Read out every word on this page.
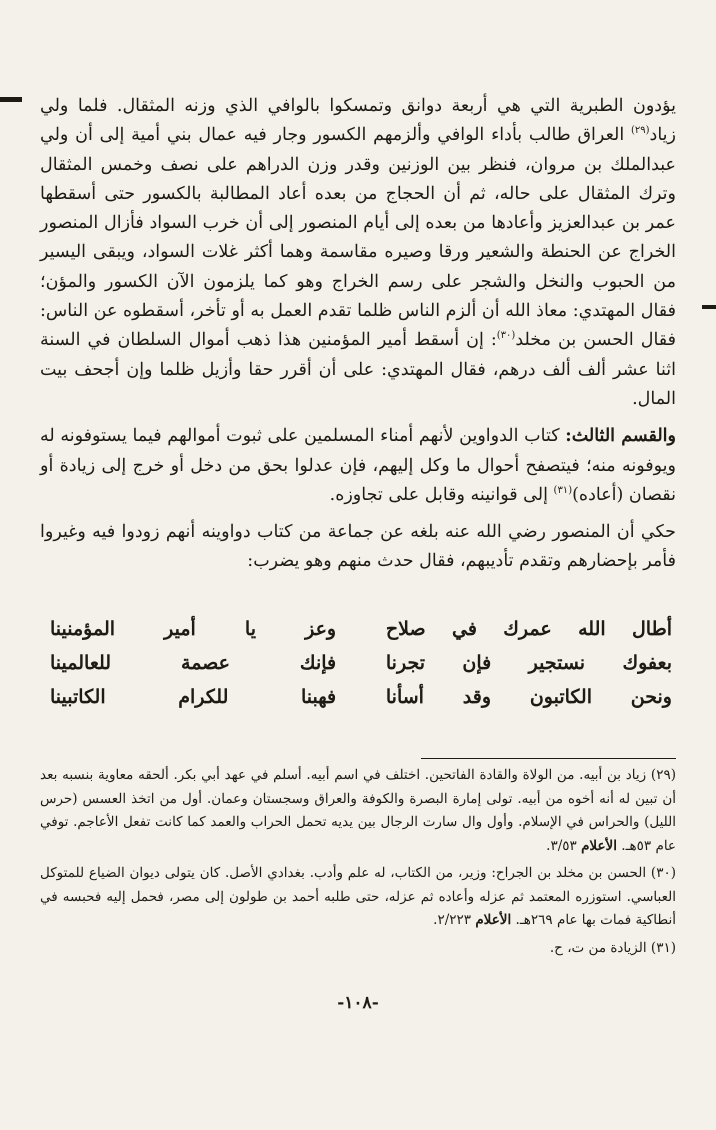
يؤدون الطبرية التي هي أربعة دوانق وتمسكوا بالوافي الذي وزنه المثقال. فلما ولي زياد$^{(٢٩)}$ العراق طالب بأداء الوافي وألزمهم الكسور وجار فيه عمال بني أمية إلى أن ولي عبدالملك بن مروان، فنظر بين الوزنين وقدر وزن الدراهم على نصف وخمس المثقال وترك المثقال على حاله، ثم أن الحجاج من بعده أعاد المطالبة بالكسور حتى أسقطها عمر بن عبدالعزيز وأعادها من بعده إلى أيام المنصور إلى أن خرب السواد فأزال المنصور الخراج عن الحنطة والشعير ورقا وصيره مقاسمة وهما أكثر غلات السواد، ويبقى اليسير من الحبوب والنخل والشجر على رسم الخراج وهو كما يلزمون الآن الكسور والمؤن؛ فقال المهتدي: معاذ الله أن ألزم الناس ظلما تقدم العمل به أو تأخر، أسقطوه عن الناس: فقال الحسن بن مخلد$^{(٣٠)}$: إن أسقط أمير المؤمنين هذا ذهب أموال السلطان في السنة اثنا عشر ألف ألف درهم، فقال المهتدي: على أن أقرر حقا وأزيل ظلما وإن أجحف بيت المال.

والقسم الثالث: كتاب الدواوين لأنهم أمناء المسلمين على ثبوت أموالهم فيما يستوفونه له ويوفونه منه؛ فيتصفح أحوال ما وكل إليهم، فإن عدلوا بحق من دخل أو خرج إلى زيادة أو نقصان (أعاده)$^{(٣١)}$ إلى قوانينه وقابل على تجاوزه.

حكي أن المنصور رضي الله عنه بلغه عن جماعة من كتاب دواوينه أنهم زودوا فيه وغيروا فأمر بإحضارهم وتقدم تأديبهم، فقال حدث منهم وهو يضرب:

أطال الله عمرك في صلاح
وعز يا أمير المؤمنينا
بعفوك نستجير فإن تجرنا
فإنك عصمة للعالمينا
ونحن الكاتبون وقد أسأنا
فهبنا للكرام الكاتبينا

(٢٩) زياد بن أبيه. من الولاة والقادة الفاتحين. اختلف في اسم أبيه. أسلم في عهد أبي بكر. ألحقه معاوية بنسبه بعد أن تبين له أنه أخوه من أبيه. تولى إمارة البصرة والكوفة والعراق وسجستان وعمان. أول من اتخذ العسس (حرس الليل) والحراس في الإسلام. وأول وال سارت الرجال بين يديه تحمل الحراب والعمد كما كانت تفعل الأعاجم. توفي عام ٥٣هـ. الأعلام ٣/٥٣.

(٣٠) الحسن بن مخلد بن الجراح: وزير، من الكتاب، له علم وأدب. بغدادي الأصل. كان يتولى ديوان الضياع للمتوكل العباسي. استوزره المعتمد ثم عزله وأعاده ثم عزله، حتى طلبه أحمد بن طولون إلى مصر، فحمل إليه فحبسه في أنطاكية فمات بها عام ٢٦٩هـ. الأعلام ٢/٢٢٣.

(٣١) الزيادة من ت، ح.

-١٠٨-
